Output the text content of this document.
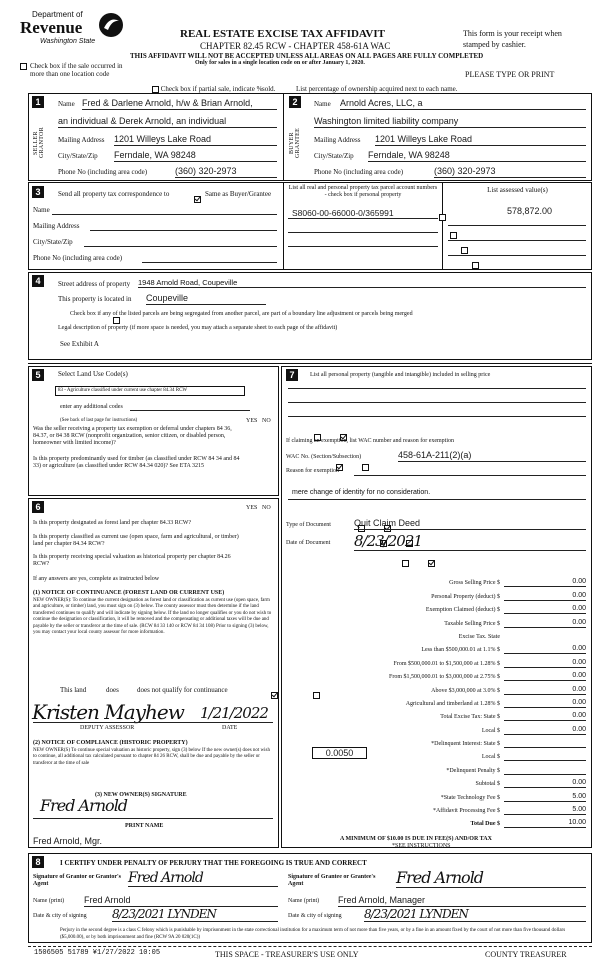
Department of
Revenue
Washington State
REAL ESTATE EXCISE TAX AFFIDAVIT
CHAPTER 82.45 RCW - CHAPTER 458-61A WAC
THIS AFFIDAVIT WILL NOT BE ACCEPTED UNLESS ALL AREAS ON ALL PAGES ARE FULLY COMPLETED
Only for sales in a single location code on or after January 1, 2020.
This form is your receipt when stamped by cashier.
PLEASE TYPE OR PRINT
Check box if the sale occurred in more than one location code
Check box if partial sale, indicate % sold.	List percentage of ownership acquired next to each name.
1	2
SELLER GRANTOR	BUYER GRANTEE
Name Fred & Darlene Arnold, h/w & Brian Arnold,
an individual & Derek Arnold, an individual
Mailing Address 1201 Willeys Lake Road
City/State/Zip Ferndale, WA 98248
Phone No (including area code)	(360) 320-2973
Name Arnold Acres, LLC, a
Washington limited liability company
Mailing Address 1201 Willeys Lake Road
City/State/Zip Ferndale, WA 98248
Phone No (including area code)	(360) 320-2973
3	Send all property tax correspondence to
	Same as Buyer/Grantee
Name
Mailing Address
City/State/Zip
Phone No (including area code)
List all real and personal property tax parcel account numbers - check box if personal property
List assessed value(s)
S8060-00-66000-0/365991	578,872.00

4	Street address of property 1948 Arnold Road, Coupeville
This property is located in Coupeville

Check box if any of the listed parcels are being segregated from another parcel, are part of a boundary line adjustment or parcels being merged
Legal description of property (if more space is needed, you may attach a separate sheet to each page of the affidavit)
See Exhibit A
5	Select Land Use Code(s)
83 - Agriculture classified under current use chapter 84.34 RCW
enter any additional codes
(See back of last page for instructions)	YES NO
Was the seller receiving a property tax exemption or deferral under chapters 84 36, 84.37, or 84 38 RCW (nonprofit organization, senior citizen, or disabled person, homeowner with limited income)?

Is this property predominantly used for timber (as classified under RCW 84 34 and 84 33) or agriculture (as classified under RCW 84.34 020)? See ETA 3215

6	YES NO
Is this property designated as forest land per chapter 84.33 RCW?

Is this property classified as current use (open space, farm and agricultural, or timber) land per chapter 84.34 RCW?

Is this property receiving special valuation as historical property per chapter 84.26 RCW?

If any answers are yes, complete as instructed below
(1) NOTICE OF CONTINUANCE (FOREST LAND OR CURRENT USE)
NEW OWNER(S): To continue the current designation as forest land or classification as current use (open space, farm and agriculture, or timber) land, you must sign on (3) below. The county assessor must then determine if the land transferred continues to qualify and will indicate by signing below. If the land no longer qualifies or you do not wish to continue the designation or classification, it will be removed and the compensating or additional taxes will be due and payable by the seller or transferor at the time of sale. (RCW 84 33 140 or RCW 84 34 108) Prior to signing (3) below, you may contact your local county assessor for more information.
This land
	does	does not qualify for continuance
Kristen Mayhew 1/21/2022
DEPUTY ASSESSOR	DATE
(2) NOTICE OF COMPLIANCE (HISTORIC PROPERTY)
NEW OWNER(S) To continue special valuation as historic property, sign (3) below If the new owner(s) does not wish to continue, all additional tax calculated pursuant to chapter 84 26 RCW, shall be due and payable by the seller or transferor at the time of sale
(3) NEW OWNER(S) SIGNATURE
Fred Arnold
PRINT NAME
Fred Arnold, Mgr.
7	List all personal property (tangible and intangible) included in selling price
If claiming an exemption, list WAC number and reason for exemption
WAC No. (Section/Subsection)	458-61A-211(2)(a)
Reason for exemption
mere change of identity for no consideration.
Type of Document	Quit Claim Deed
Date of Document 8/23/2021
Gross Selling Price $	0.00
Personal Property (deduct) $	0.00
Exemption Claimed (deduct) $	0.00
Taxable Selling Price $	0.00
Excise Tax. State
Less than $500,000.01 at 1.1% $	0.00
From $500,000.01 to $1,500,000 at 1.28% $	0.00
From $1,500,000.01 to $3,000,000 at 2.75% $	0.00
Above $3,000,000 at 3.0% $	0.00
Agricultural and timberland at 1.28% $	0.00
Total Excise Tax: State $	0.00
Local $	0.00
*Delinquent Interest: State $
Local $
*Delinquent Penalty $
Subtotal $	0.00
*State Technology Fee $	5.00
*Affidavit Processing Fee $	5.00
Total Due $	10.00
0.0050
A MINIMUM OF $10.00 IS DUE IN FEE(S) AND/OR TAX
*SEE INSTRUCTIONS
8	I CERTIFY UNDER PENALTY OF PERJURY THAT THE FOREGOING IS TRUE AND CORRECT
Signature of Grantor or Grantor's Agent	Fred Arnold	Signature of Grantee or Grantee's Agent	Fred Arnold
Name (print) Fred Arnold	Name (print) Fred Arnold, Manager
Date & city of signing 8/23/2021 LYNDEN	Date & city of signing 8/23/2021 LYNDEN
Perjury in the second degree is a class C felony which is punishable by imprisonment in the state correctional institution for a maximum term of not more than five years, or by a fine in an amount fixed by the court of not more than five thousand dollars ($5,000.00), or by both imprisonment and fine (RCW 9A 20 020(1C))
1506505 51789 ¥1/27/2022 10:05	THIS SPACE - TREASURER'S USE ONLY	COUNTY TREASURER
